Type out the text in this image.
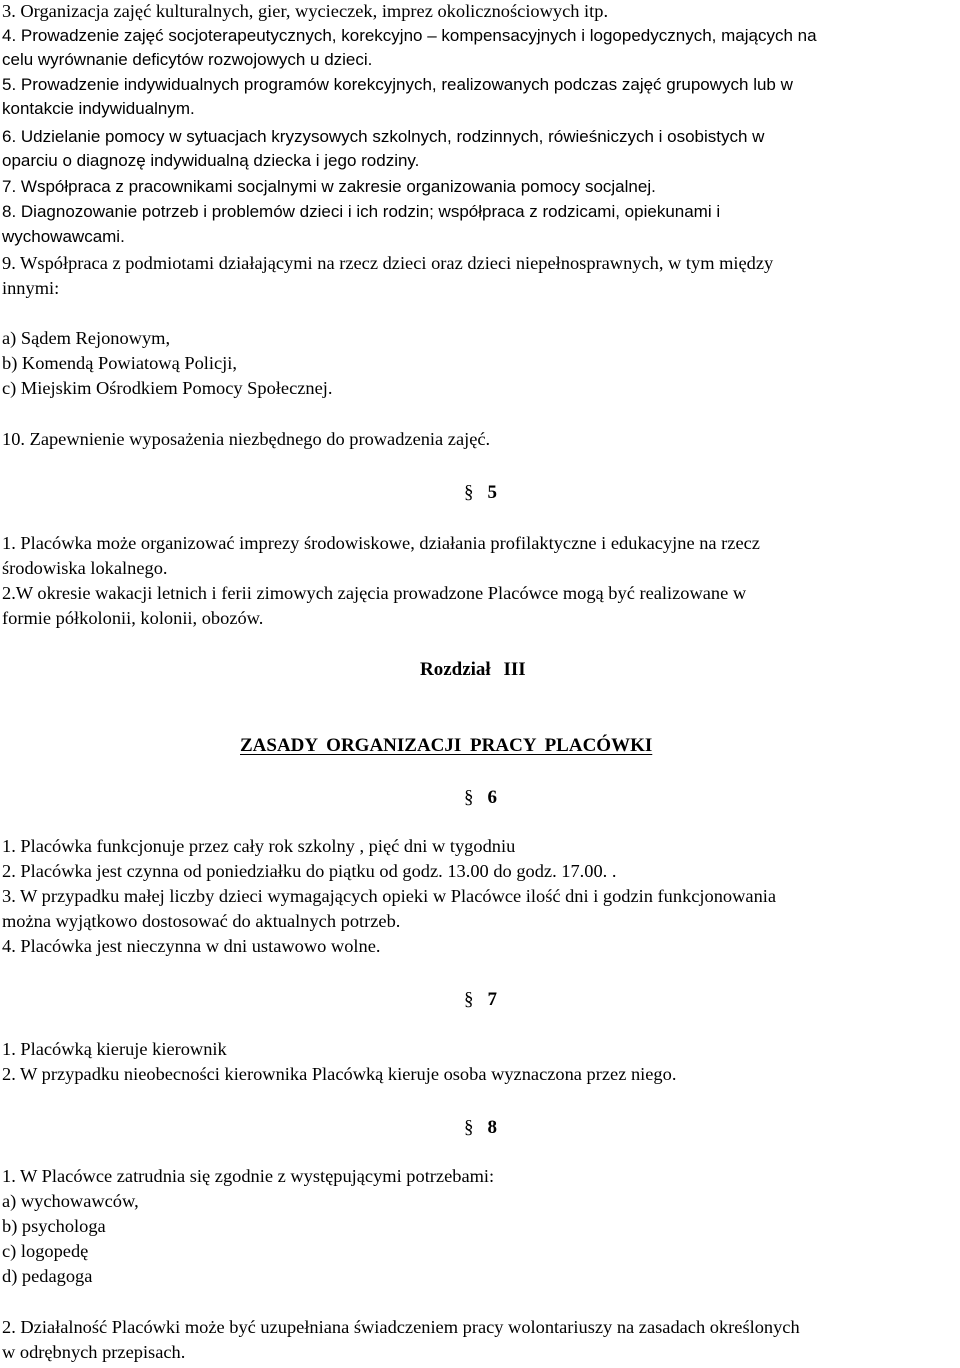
3. Organizacja zajęć kulturalnych, gier, wycieczek, imprez okolicznościowych itp.
4. Prowadzenie zajęć socjoterapeutycznych, korekcyjno – kompensacyjnych i logopedycznych, mających na
celu wyrównanie deficytów rozwojowych u dzieci.
5. Prowadzenie indywidualnych programów korekcyjnych, realizowanych podczas zajęć grupowych lub w
kontakcie indywidualnym.
6. Udzielanie pomocy w sytuacjach kryzysowych szkolnych, rodzinnych, rówieśniczych i osobistych w
oparciu o diagnozę indywidualną dziecka i jego rodziny.
7. Współpraca z pracownikami socjalnymi w zakresie organizowania pomocy socjalnej.
8. Diagnozowanie potrzeb i problemów dzieci i ich rodzin; współpraca z rodzicami, opiekunami i
wychowawcami.
9. Współpraca z podmiotami działającymi na rzecz dzieci oraz dzieci niepełnosprawnych, w tym między
innymi:
a) Sądem Rejonowym,
b) Komendą Powiatową Policji,
c) Miejskim Ośrodkiem Pomocy Społecznej.
10. Zapewnienie wyposażenia niezbędnego do prowadzenia zajęć.
§ 5
1. Placówka może organizować imprezy środowiskowe, działania profilaktyczne i edukacyjne na rzecz
środowiska lokalnego.
2.W okresie wakacji letnich i ferii zimowych zajęcia prowadzone Placówce mogą być realizowane w
formie półkolonii, kolonii, obozów.
Rozdział III
ZASADY ORGANIZACJI PRACY PLACÓWKI
§ 6
1. Placówka funkcjonuje przez cały rok szkolny , pięć dni w tygodniu
2. Placówka jest czynna od poniedziałku do piątku od godz. 13.00 do godz. 17.00. .
3. W przypadku małej liczby dzieci wymagających opieki w Placówce ilość dni i godzin funkcjonowania
można wyjątkowo dostosować do aktualnych potrzeb.
4. Placówka jest nieczynna w dni ustawowo wolne.
§ 7
1. Placówką kieruje kierownik
2. W przypadku nieobecności kierownika Placówką kieruje osoba wyznaczona przez niego.
§ 8
1. W Placówce zatrudnia się zgodnie z występującymi potrzebami:
a) wychowawców,
b) psychologa
c) logopedę
d) pedagoga
2. Działalność Placówki może być uzupełniana świadczeniem pracy wolontariuszy na zasadach określonych
w odrębnych przepisach.
